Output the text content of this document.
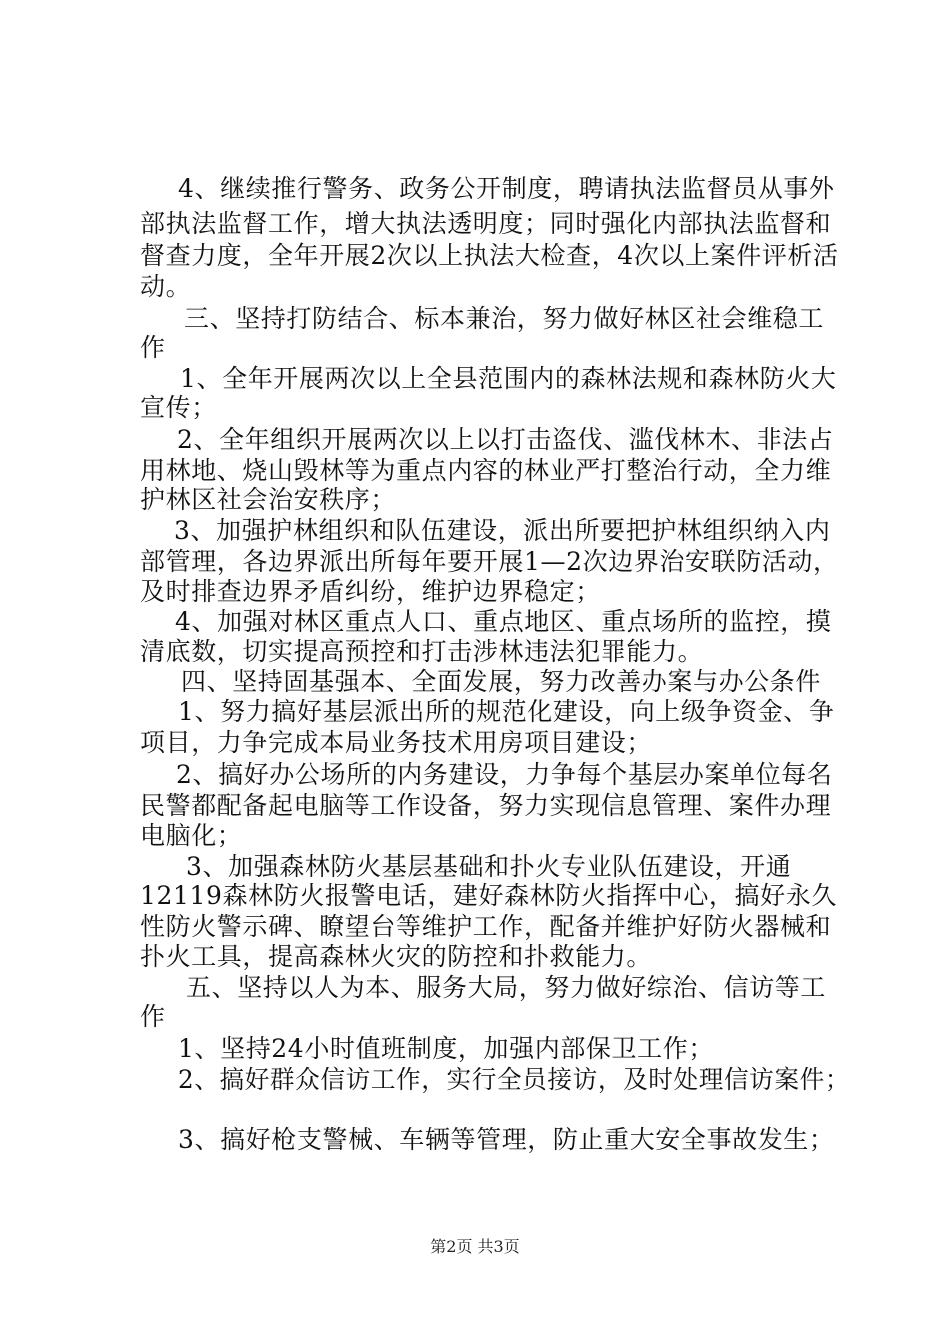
4、继续推行警务、政务公开制度，聘请执法监督员从事外
部执法监督工作，增大执法透明度；同时强化内部执法监督和
督查力度，全年开展2次以上执法大检查，4次以上案件评析活
动。
三、坚持打防结合、标本兼治，努力做好林区社会维稳工
作
1、全年开展两次以上全县范围内的森林法规和森林防火大
宣传；
2、全年组织开展两次以上以打击盗伐、滥伐林木、非法占
用林地、烧山毁林等为重点内容的林业严打整治行动，全力维
护林区社会治安秩序；
3、加强护林组织和队伍建设，派出所要把护林组织纳入内
部管理，各边界派出所每年要开展1—2次边界治安联防活动，
及时排查边界矛盾纠纷，维护边界稳定；
4、加强对林区重点人口、重点地区、重点场所的监控，摸
清底数，切实提高预控和打击涉林违法犯罪能力。
四、坚持固基强本、全面发展，努力改善办案与办公条件
1、努力搞好基层派出所的规范化建设，向上级争资金、争
项目，力争完成本局业务技术用房项目建设；
2、搞好办公场所的内务建设，力争每个基层办案单位每名
民警都配备起电脑等工作设备，努力实现信息管理、案件办理
电脑化；
3、加强森林防火基层基础和扑火专业队伍建设，开通
12119森林防火报警电话，建好森林防火指挥中心，搞好永久
性防火警示碑、瞭望台等维护工作，配备并维护好防火器械和
扑火工具，提高森林火灾的防控和扑救能力。
五、坚持以人为本、服务大局，努力做好综治、信访等工
作
1、坚持24小时值班制度，加强内部保卫工作；
2、搞好群众信访工作，实行全员接访，及时处理信访案件；
3、搞好枪支警械、车辆等管理，防止重大安全事故发生；
第2页 共3页
